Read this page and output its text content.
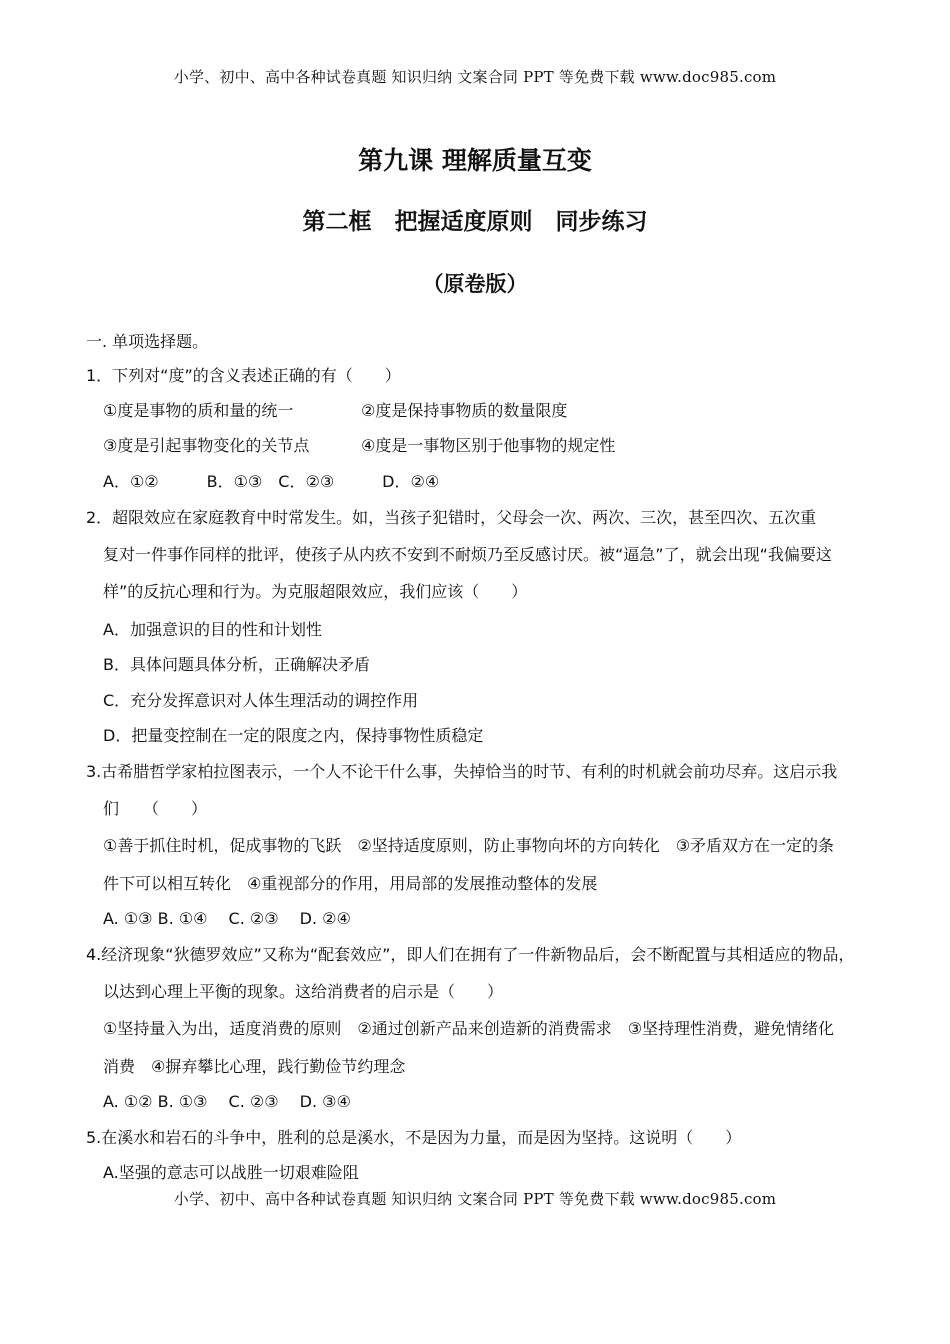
小学、初中、高中各种试卷真题 知识归纳 文案合同 PPT 等免费下载 www.doc985.com
第九课 理解质量互变
第二框　把握适度原则　同步练习
（原卷版）
一. 单项选择题。
1．下列对“度”的含义表述正确的有（　　）
①度是事物的质和量的统一	②度是保持事物质的数量限度
③度是引起事物变化的关节点	④度是一事物区别于他事物的规定性
A．①②　　　B．①③　C．②③　　　D．②④
2．超限效应在家庭教育中时常发生。如，当孩子犯错时，父母会一次、两次、三次，甚至四次、五次重
复对一件事作同样的批评，使孩子从内疚不安到不耐烦乃至反感讨厌。被“逼急”了，就会出现“我偏要这
样”的反抗心理和行为。为克服超限效应，我们应该（　　）
A．加强意识的目的性和计划性
B．具体问题具体分析，正确解决矛盾
C．充分发挥意识对人体生理活动的调控作用
D．把量变控制在一定的限度之内，保持事物性质稳定
3.古希腊哲学家柏拉图表示，一个人不论干什么事，失掉恰当的时节、有利的时机就会前功尽弃。这启示我
们　　（　　）
①善于抓住时机，促成事物的飞跃　②坚持适度原则，防止事物向坏的方向转化　③矛盾双方在一定的条
件下可以相互转化　④重视部分的作用，用局部的发展推动整体的发展
A. ①③ B. ①④　 C. ②③　 D. ②④
4.经济现象“狄德罗效应”又称为“配套效应”，即人们在拥有了一件新物品后，会不断配置与其相适应的物品，
以达到心理上平衡的现象。这给消费者的启示是（　　）
①坚持量入为出，适度消费的原则　②通过创新产品来创造新的消费需求　③坚持理性消费，避免情绪化
消费　④摒弃攀比心理，践行勤俭节约理念
A. ①② B. ①③　 C. ②③　 D. ③④
5.在溪水和岩石的斗争中，胜利的总是溪水，不是因为力量，而是因为坚持。这说明（　　）
A.坚强的意志可以战胜一切艰难险阻
小学、初中、高中各种试卷真题 知识归纳 文案合同 PPT 等免费下载 www.doc985.com
